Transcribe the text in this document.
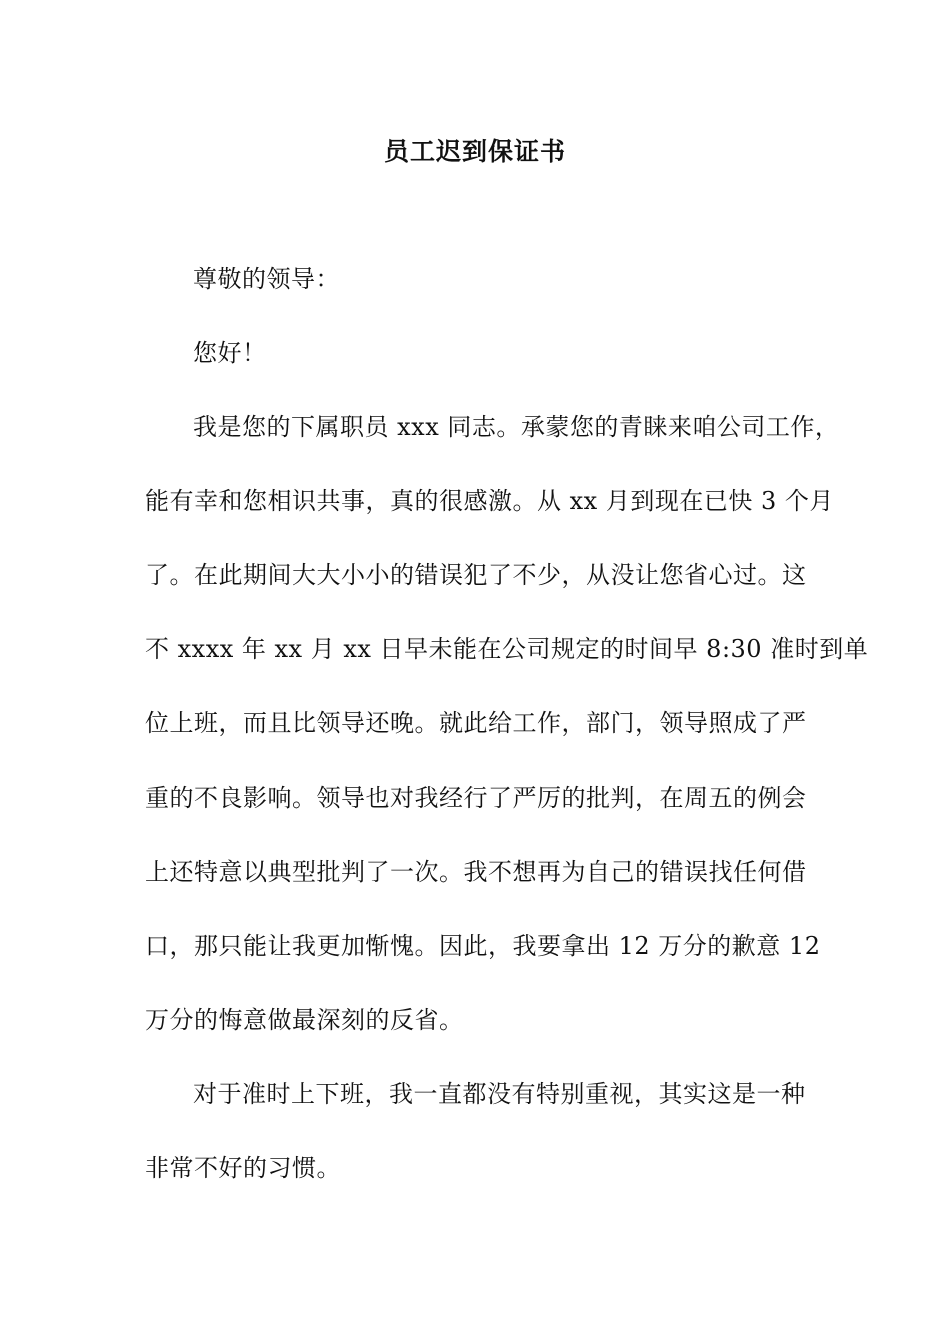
员工迟到保证书
尊敬的领导：
您好！
我是您的下属职员 xxx 同志。承蒙您的青睐来咱公司工作，
能有幸和您相识共事，真的很感激。从 xx 月到现在已快 3 个月
了。在此期间大大小小的错误犯了不少，从没让您省心过。这
不 xxxx 年 xx 月 xx 日早未能在公司规定的时间早 8:30 准时到单
位上班，而且比领导还晚。就此给工作，部门，领导照成了严
重的不良影响。领导也对我经行了严厉的批判，在周五的例会
上还特意以典型批判了一次。我不想再为自己的错误找任何借
口，那只能让我更加惭愧。因此，我要拿出 12 万分的歉意 12
万分的悔意做最深刻的反省。
对于准时上下班，我一直都没有特别重视，其实这是一种
非常不好的习惯。
